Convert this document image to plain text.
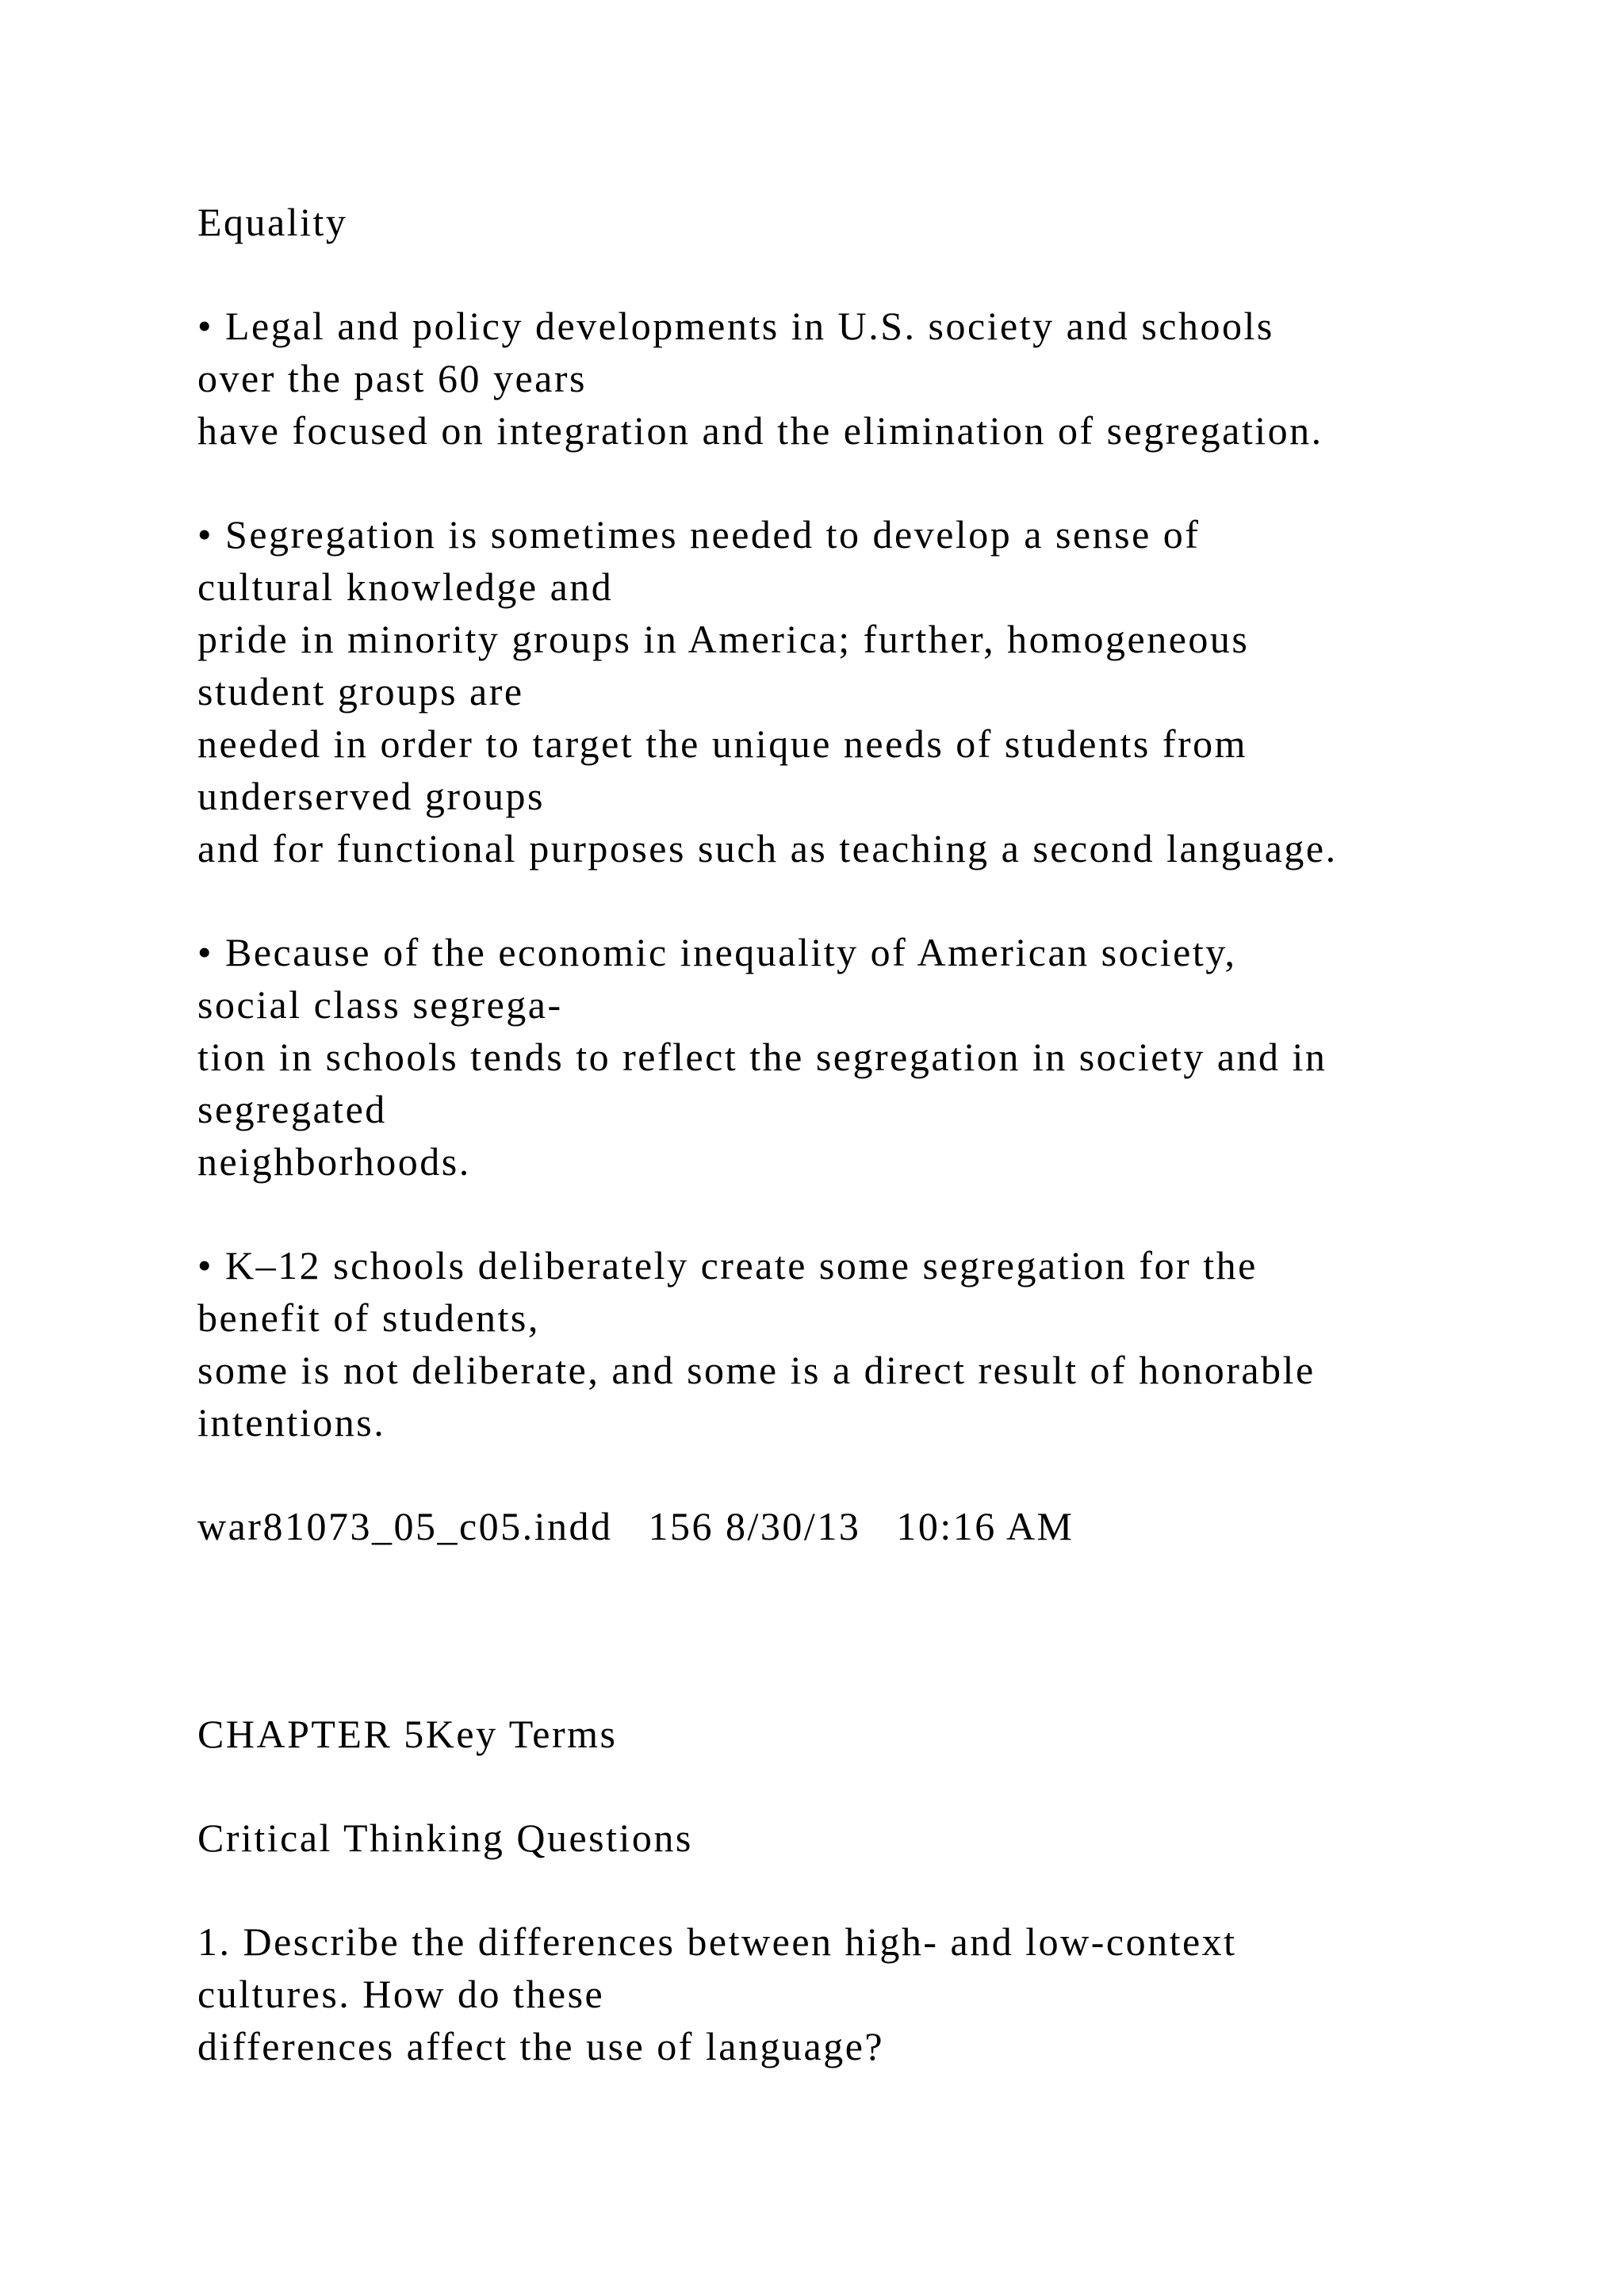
Equality

• Legal and policy developments in U.S. society and schools

over the past 60 years

have focused on integration and the elimination of segregation.

• Segregation is sometimes needed to develop a sense of

cultural knowledge and

pride in minority groups in America; further, homogeneous

student groups are

needed in order to target the unique needs of students from

underserved groups

and for functional purposes such as teaching a second language.

• Because of the economic inequality of American society,

social class segrega-

tion in schools tends to reflect the segregation in society and in

segregated

neighborhoods.

• K–12 schools deliberately create some segregation for the

benefit of students,

some is not deliberate, and some is a direct result of honorable

intentions.

war81073_05_c05.indd   156 8/30/13   10:16 AM

CHAPTER 5Key Terms

Critical Thinking Questions

1. Describe the differences between high- and low-context

cultures. How do these

differences affect the use of language?
